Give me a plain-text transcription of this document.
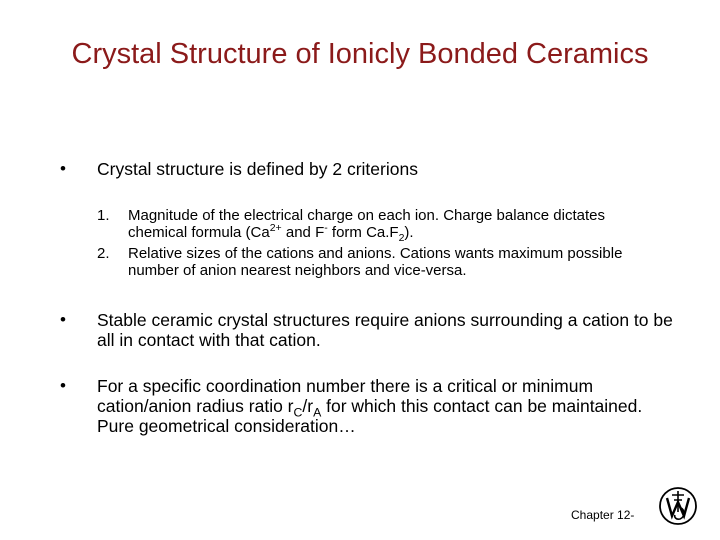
Crystal Structure of Ionicly Bonded Ceramics
• Crystal structure is defined by 2 criterions
1. Magnitude of the electrical charge on each ion. Charge balance dictates chemical formula ($Ca^{2+}$ and F- form $Ca.F_2$).
2. Relative sizes of the cations and anions. Cations wants maximum possible number of anion nearest neighbors and vice-versa.
• Stable ceramic crystal structures require anions surrounding a cation to be all in contact with that cation.
• For a specific coordination number there is a critical or minimum cation/anion radius ratio $r_C/r_A$ for which this contact can be maintained. Pure geometrical consideration…
Chapter 12-
